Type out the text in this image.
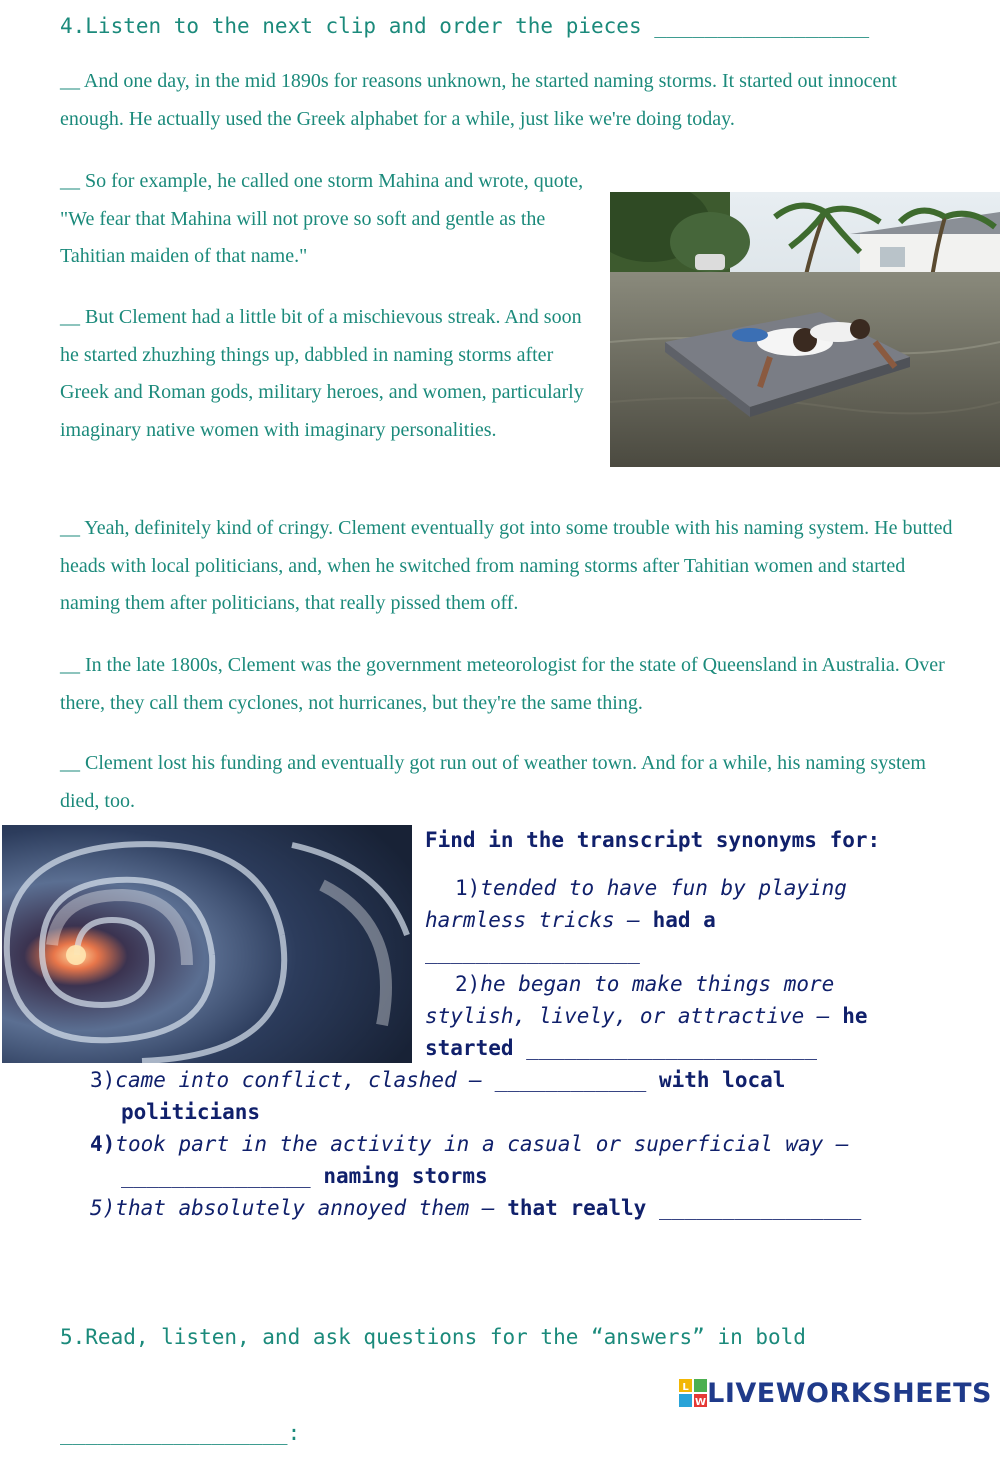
4.Listen to the next clip and order the pieces _________________
__ And one day, in the mid 1890s for reasons unknown, he started naming storms. It started out innocent enough. He actually used the Greek alphabet for a while, just like we're doing today.
__ So for example, he called one storm Mahina and wrote, quote, "We fear that Mahina will not prove so soft and gentle as the Tahitian maiden of that name."
__ But Clement had a little bit of a mischievous streak. And soon he started zhuzhing things up, dabbled in naming storms after Greek and Roman gods, military heroes, and women, particularly imaginary native women with imaginary personalities.
__ Yeah, definitely kind of cringy. Clement eventually got into some trouble with his naming system. He butted heads with local politicians, and, when he switched from naming storms after Tahitian women and started naming them after politicians, that really pissed them off.
__ In the late 1800s, Clement was the government meteorologist for the state of Queensland in Australia. Over there, they call them cyclones, not hurricanes, but they're the same thing.
__ Clement lost his funding and eventually got run out of weather town. And for a while, his naming system died, too.
Find in the transcript synonyms for:
1)tended to have fun by playing harmless tricks – had a _________________
2)he began to make things more stylish, lively, or attractive – he started _______________________
3)came into conflict, clashed – ____________ with local politicians
4)took part in the activity in a casual or superficial way – _______________ naming storms
5)that absolutely annoyed them – that really ________________

5.Read, listen, and ask questions for the “answers” in bold

__________________:

L
W LIVEWORKSHEETS
